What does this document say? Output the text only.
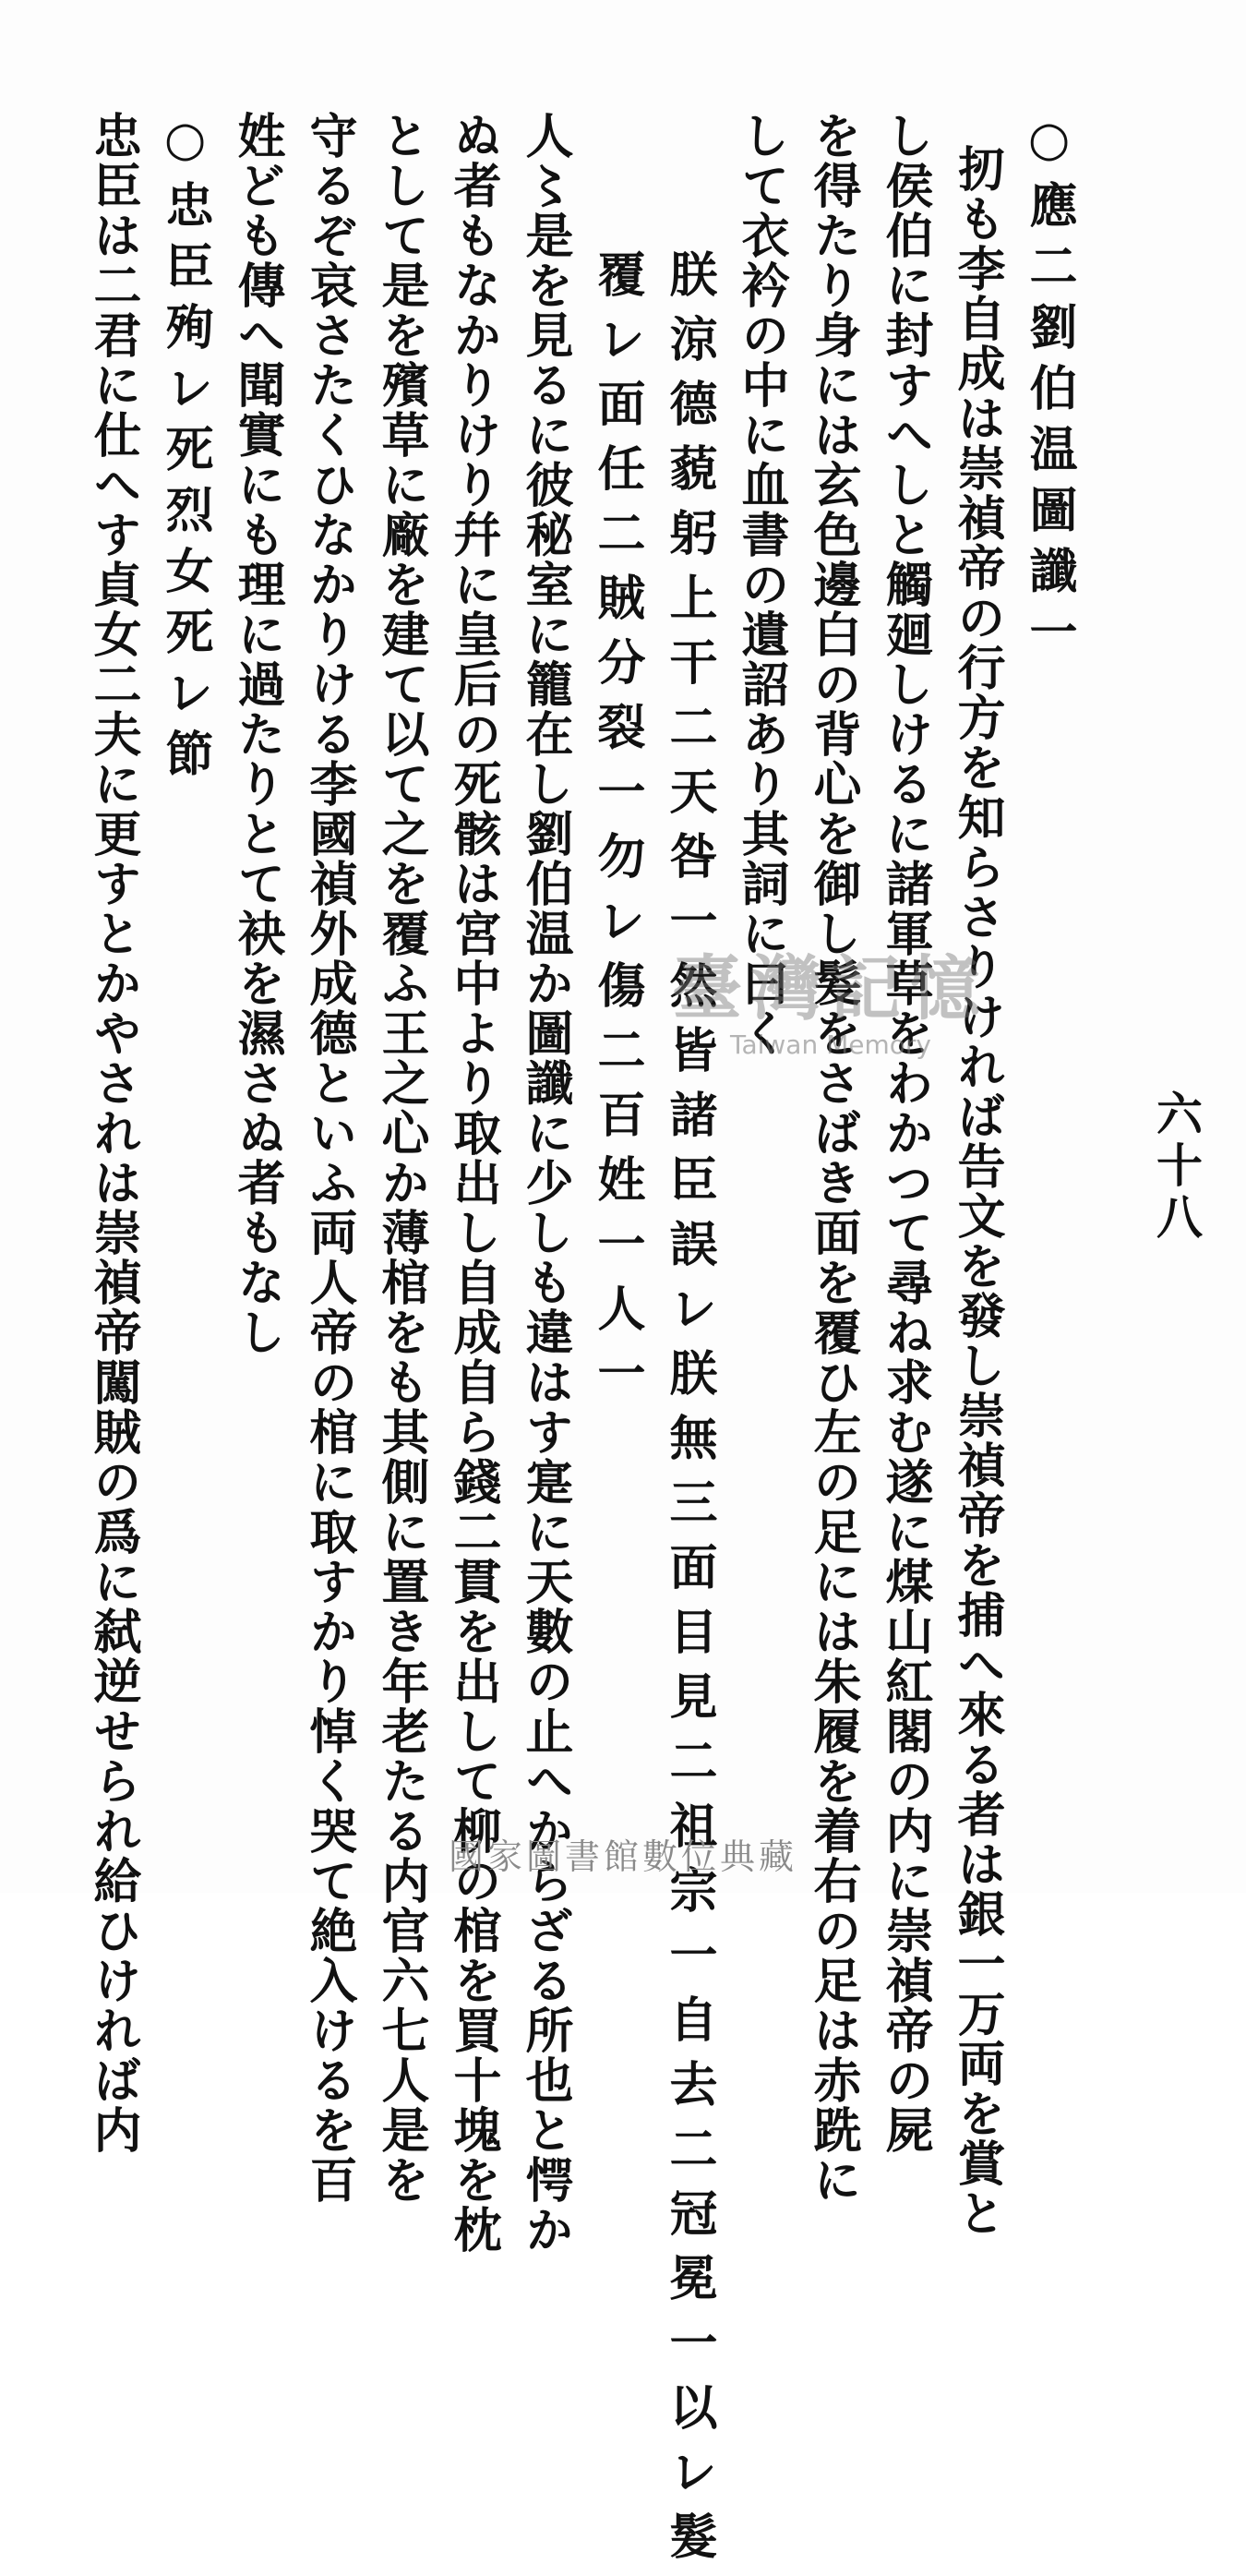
○應二劉伯温圖讖一
扨も李自成は崇禎帝の行方を知らさりければ告文を發し崇禎帝を捕へ來る者は銀一万両を賞と
し侯伯に封すへしと觸廻しけるに諸軍草をわかつて尋ね求む遂に煤山紅閣の内に崇禎帝の屍
を得たり身には玄色邊白の背心を御し髮をさばき面を覆ひ左の足には朱履を着右の足は赤跣に
して衣衿の中に血書の遺詔あり其詞に曰く
朕涼德藐躬上干二天咎一然皆諸臣誤レ朕無三面目見二祖宗一自去二冠冕一以レ髮
覆レ面任二賊分裂一勿レ傷二百姓一人一
人〻是を見るに彼秘室に籠在し劉伯温か圖讖に少しも違はす寔に天數の止へからざる所也と愕か
ぬ者もなかりけり幷に皇后の死骸は宮中より取出し自成自ら錢二貫を出して柳の棺を買十塊を枕
として是を殯草に廠を建て以て之を覆ふ王之心か薄棺をも其側に置き年老たる内官六七人是を
守るぞ哀さたくひなかりける李國禎外成德といふ両人帝の棺に取すかり悼く哭て絶入けるを百
姓ども傳へ聞實にも理に過たりとて袂を濕さぬ者もなし
○忠臣殉レ死烈女死レ節
忠臣は二君に仕へす貞女二夫に更すとかやされは崇禎帝闖賊の爲に弑逆せられ給ひければ内	六十八
臺灣記憶
Taiwan Memory
國家圖書館數位典藏
